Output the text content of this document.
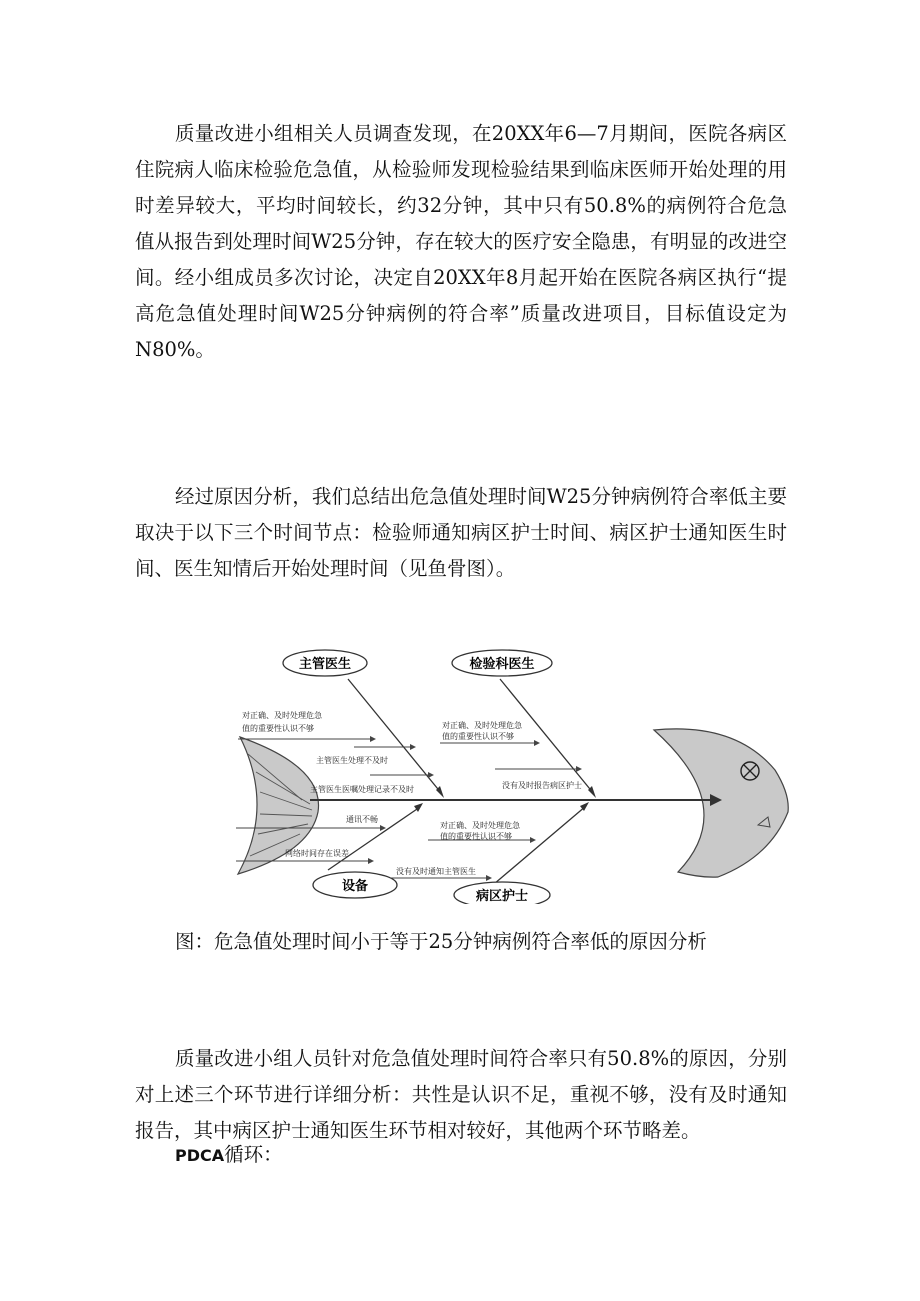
质量改进小组相关人员调查发现，在20XX年6—7月期间，医院各病区住院病人临床检验危急值，从检验师发现检验结果到临床医师开始处理的用时差异较大，平均时间较长，约32分钟，其中只有50.8%的病例符合危急值从报告到处理时间W25分钟，存在较大的医疗安全隐患，有明显的改进空间。经小组成员多次讨论，决定自20XX年8月起开始在医院各病区执行“提高危急值处理时间W25分钟病例的符合率”质量改进项目，目标值设定为N80%。

经过原因分析，我们总结出危急值处理时间W25分钟病例符合率低主要取决于以下三个时间节点：检验师通知病区护士时间、病区护士通知医生时间、医生知情后开始处理时间（见鱼骨图）。

主管医生	检验科医生
设备
病区护士
对正确、及时处理危急
值的重要性认识不够
主管医生处理不及时
主管医生医嘱处理记录不及时
对正确、及时处理危急
值的重要性认识不够
没有及时报告病区护士
通讯不畅
网络时间存在误差
对正确、及时处理危急
值的重要性认识不够
没有及时通知主管医生

图：危急值处理时间小于等于25分钟病例符合率低的原因分析

质量改进小组人员针对危急值处理时间符合率只有50.8%的原因，分别对上述三个环节进行详细分析：共性是认识不足，重视不够，没有及时通知报告，其中病区护士通知医生环节相对较好，其他两个环节略差。

PDCA循环：
